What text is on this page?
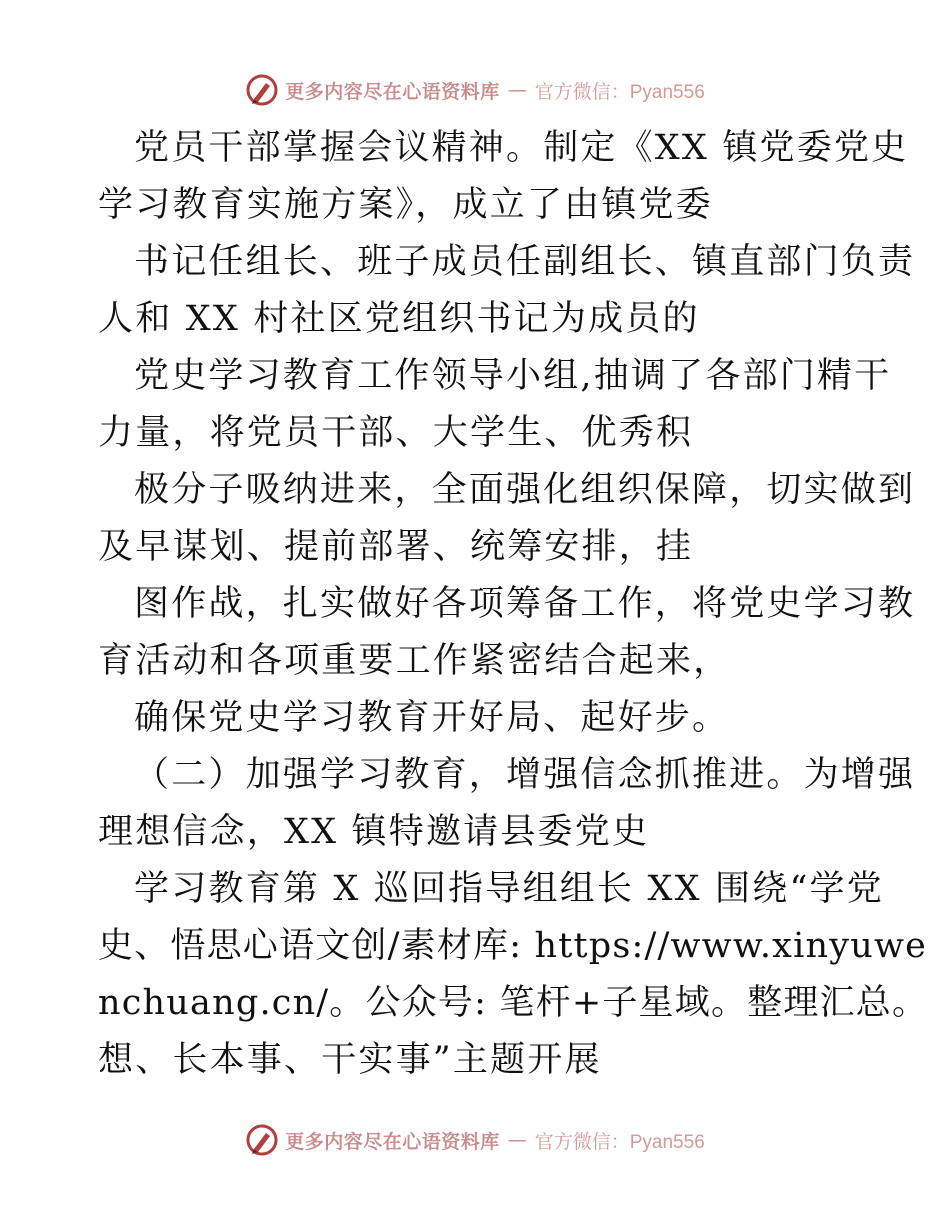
更多内容尽在心语资料库 — 官方微信：Pyan556
党员干部掌握会议精神。制定《XX 镇党委党史
学习教育实施方案》，成立了由镇党委
书记任组长、班子成员任副组长、镇直部门负责
人和 XX 村社区党组织书记为成员的
党史学习教育工作领导小组,抽调了各部门精干
力量，将党员干部、大学生、优秀积
极分子吸纳进来，全面强化组织保障，切实做到
及早谋划、提前部署、统筹安排，挂
图作战，扎实做好各项筹备工作，将党史学习教
育活动和各项重要工作紧密结合起来，
确保党史学习教育开好局、起好步。
（二）加强学习教育，增强信念抓推进。为增强
理想信念，XX 镇特邀请县委党史
学习教育第 X 巡回指导组组长 XX 围绕“学党
史、悟思心语文创/素材库: https://www.xinyuwe
nchuang.cn/。公众号: 笔杆+子星域。整理汇总。
想、长本事、干实事”主题开展
更多内容尽在心语资料库 — 官方微信：Pyan556
